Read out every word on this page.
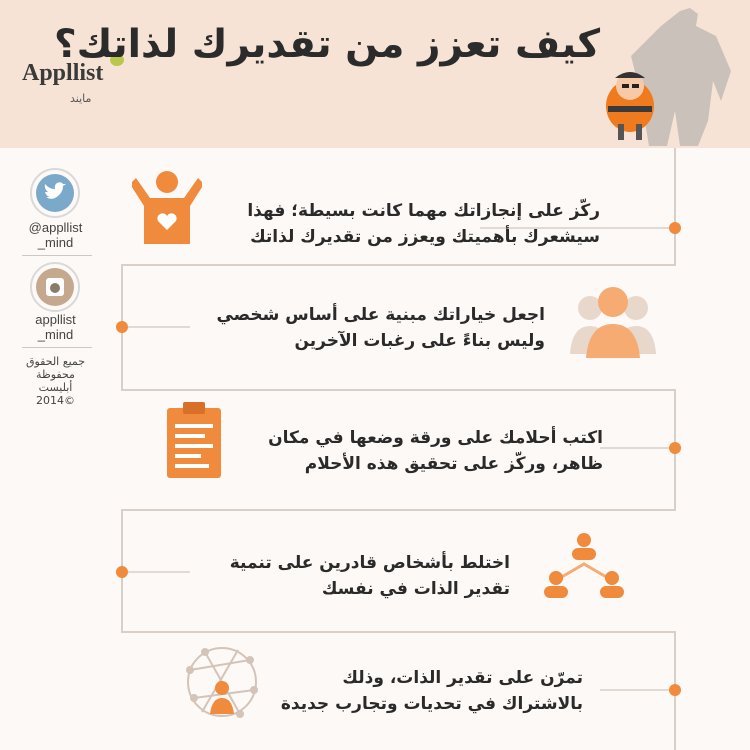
Appllist
مايند
كيف تعزز من تقديرك لذاتك؟
@appllist
_mind
appllist
_mind
جميع الحقوق
محفوظة
أبليست ©2014
ركّز على إنجازاتك مهما كانت بسيطة؛ فهذا
سيشعرك بأهميتك ويعزز من تقديرك لذاتك
اجعل خياراتك مبنية على أساس شخصي
وليس بناءً على رغبات الآخرين
اكتب أحلامك على ورقة وضعها في مكان
ظاهر، وركّز على تحقيق هذه الأحلام
اختلط بأشخاص قادرين على تنمية
تقدير الذات في نفسك
تمرّن على تقدير الذات، وذلك
بالاشتراك في تحديات وتجارب جديدة
